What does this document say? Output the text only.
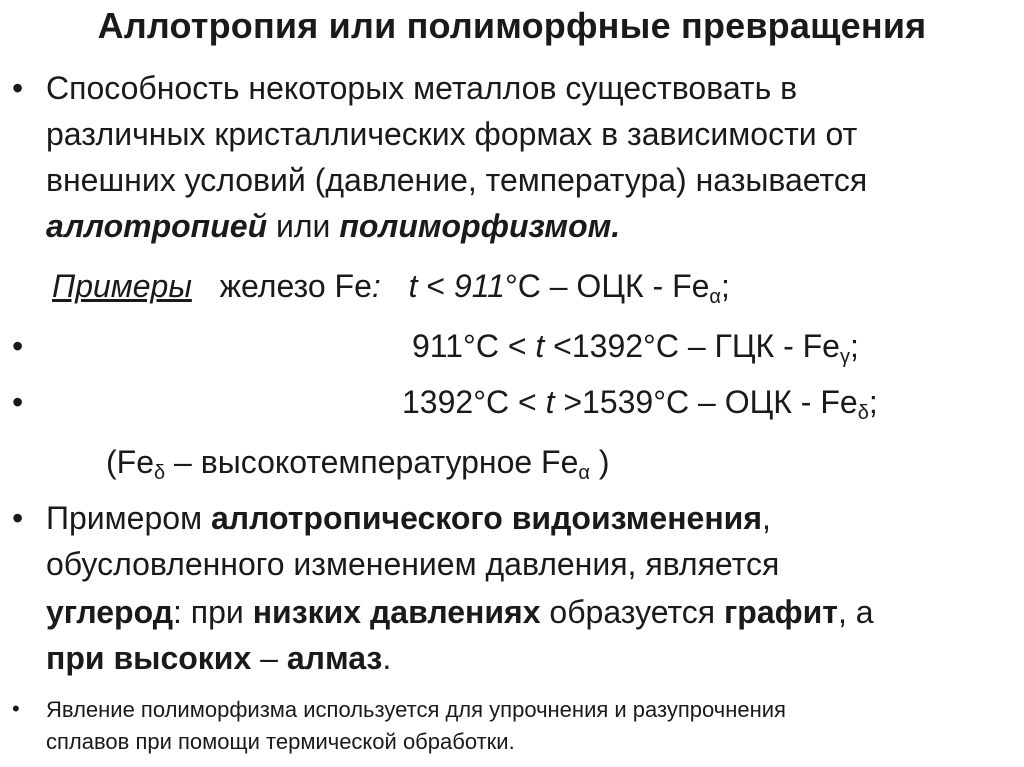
Аллотропия или полиморфные превращения
• Способность некоторых металлов существовать в
различных кристаллических формах в зависимости от
внешних условий (давление, температура) называется
аллотропией или полиморфизмом.
Примеры железо Fe: t < 911°С – ОЦК - $Fe_\alpha$;
•	911°С < t <1392°С – ГЦК - $Fe_\gamma$;
•	1392°С < t >1539°С – ОЦК - $Fe_\delta$;
($Fe_\delta$ – высокотемпературное $Fe_\alpha$ )
• Примером аллотропического видоизменения,
обусловленного изменением давления, является
углерод: при низких давлениях образуется графит, а
при высоких – алмаз.
• Явление полиморфизма используется для упрочнения и разупрочнения
сплавов при помощи термической обработки.
